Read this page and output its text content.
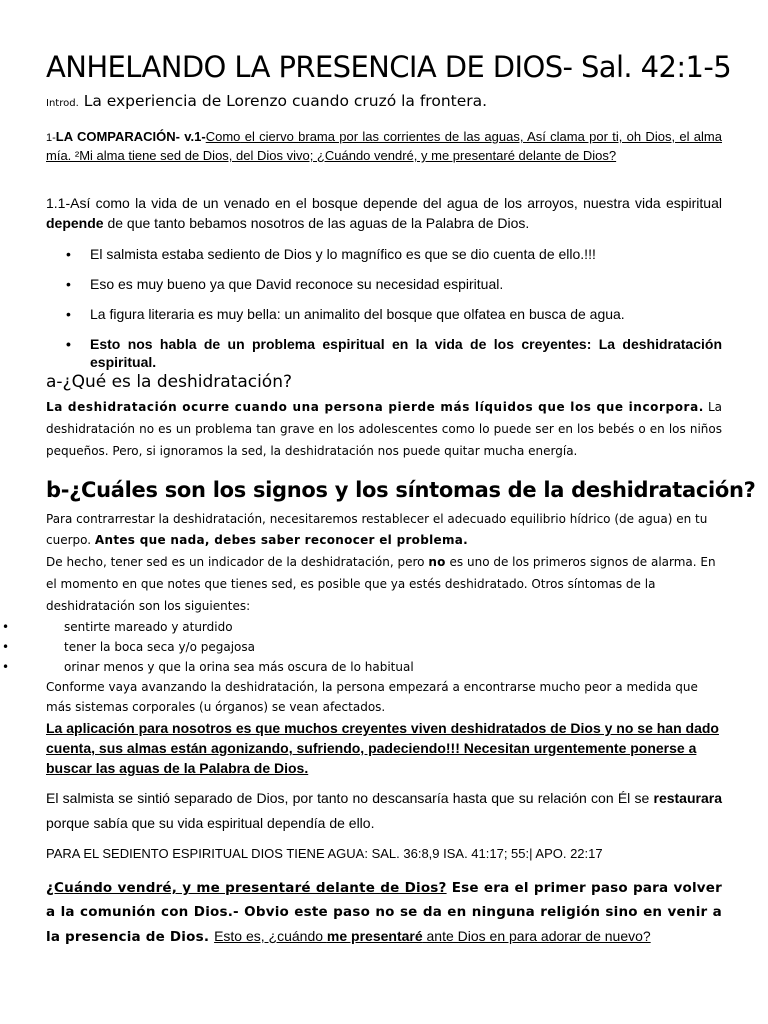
ANHELANDO LA PRESENCIA DE DIOS- Sal. 42:1-5
Introd. La experiencia de Lorenzo cuando cruzó la frontera.
1-LA COMPARACIÓN- v.1-Como el ciervo brama por las corrientes de las aguas, Así clama por ti, oh Dios, el alma mía. ²Mi alma tiene sed de Dios, del Dios vivo; ¿Cuándo vendré, y me presentaré delante de Dios?
1.1-Así como la vida de un venado en el bosque depende del agua de los arroyos, nuestra vida espiritual depende de que tanto bebamos nosotros de las aguas de la Palabra de Dios.
• El salmista estaba sediento de Dios y lo magnífico es que se dio cuenta de ello.!!!
• Eso es muy bueno ya que David reconoce su necesidad espiritual.
• La figura literaria es muy bella: un animalito del bosque que olfatea en busca de agua.
• Esto nos habla de un problema espiritual en la vida de los creyentes: La deshidratación espiritual.
a-¿Qué es la deshidratación?
La deshidratación ocurre cuando una persona pierde más líquidos que los que incorpora. La deshidratación no es un problema tan grave en los adolescentes como lo puede ser en los bebés o en los niños pequeños. Pero, si ignoramos la sed, la deshidratación nos puede quitar mucha energía.
b-¿Cuáles son los signos y los síntomas de la deshidratación?
Para contrarrestar la deshidratación, necesitaremos restablecer el adecuado equilibrio hídrico (de agua) en tu cuerpo. Antes que nada, debes saber reconocer el problema.
De hecho, tener sed es un indicador de la deshidratación, pero no es uno de los primeros signos de alarma. En el momento en que notes que tienes sed, es posible que ya estés deshidratado. Otros síntomas de la deshidratación son los siguientes:
• sentirte mareado y aturdido
• tener la boca seca y/o pegajosa
• orinar menos y que la orina sea más oscura de lo habitual
Conforme vaya avanzando la deshidratación, la persona empezará a encontrarse mucho peor a medida que más sistemas corporales (u órganos) se vean afectados.
La aplicación para nosotros es que muchos creyentes viven deshidratados de Dios y no se han dado cuenta, sus almas están agonizando, sufriendo, padeciendo!!! Necesitan urgentemente ponerse a buscar las aguas de la Palabra de Dios.
El salmista se sintió separado de Dios, por tanto no descansaría hasta que su relación con Él se restaurara porque sabía que su vida espiritual dependía de ello.
PARA EL SEDIENTO ESPIRITUAL DIOS TIENE AGUA: SAL. 36:8,9 ISA. 41:17; 55:| APO. 22:17
¿Cuándo vendré, y me presentaré delante de Dios? Ese era el primer paso para volver a la comunión con Dios.- Obvio este paso no se da en ninguna religión sino en venir a la presencia de Dios. Esto es, ¿cuándo me presentaré ante Dios en para adorar de nuevo?
